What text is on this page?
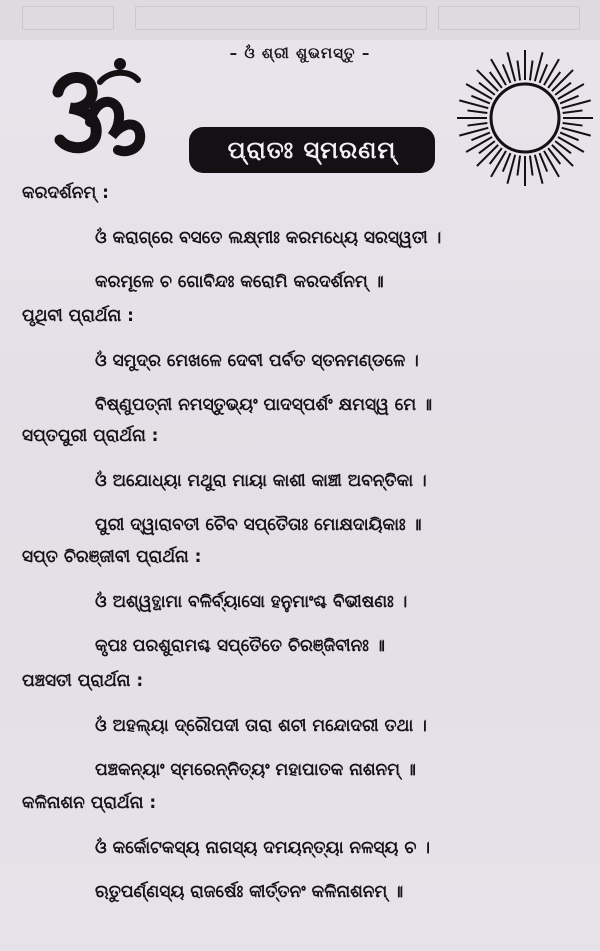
– ଓଁ ଶ୍ରୀ ଶୁଭମସ୍ତୁ –
ପ୍ରାତଃ ସ୍ମରଣମ୍
କରଦର୍ଶନମ୍ :
ଓଁ କରାଗ୍ରେ ବସତେ ଲକ୍ଷ୍ମୀଃ କରମଧ୍ୟେ ସରସ୍ୱତୀ ।
କରମୂଳେ ଚ ଗୋବିନ୍ଦଃ କରୋମି କରଦର୍ଶନମ୍ ॥
ପୃଥିବୀ ପ୍ରାର୍ଥନା :
ଓଁ ସମୁଦ୍ର ମେଖଳେ ଦେବୀ ପର୍ବତ ସ୍ତନମଣ୍ଡଳେ ।
ବିଷ୍ଣୁପତ୍ନୀ ନମସ୍ତୁଭ୍ୟଂ ପାଦସ୍ପର୍ଶଂ କ୍ଷମସ୍ୱ ମେ ॥
ସପ୍ତପୁରୀ ପ୍ରାର୍ଥନା :
ଓଁ ଅଯୋଧ୍ୟା ମଥୁରା ମାୟା କାଶୀ କାଞ୍ଚୀ ଅବନ୍ତିକା ।
ପୁରୀ ଦ୍ୱାରାବତୀ ଚୈବ ସପ୍ତୈତାଃ ମୋକ୍ଷଦାୟିକାଃ ॥
ସପ୍ତ ଚିରଞ୍ଜୀବୀ ପ୍ରାର୍ଥନା :
ଓଁ ଅଶ୍ୱତ୍ଥାମା ବଳିର୍ବ୍ୟାସୋ ହନୁମାଂଶ୍ଚ ବିଭୀଷଣଃ ।
କୃପଃ ପରଶୁରାମଶ୍ଚ ସପ୍ତୈତେ ଚିରଞ୍ଜିବୀନଃ ॥
ପଞ୍ଚସତୀ ପ୍ରାର୍ଥନା :
ଓଁ ଅହଲ୍ୟା ଦ୍ରୌପଦୀ ତାରା ଶଚୀ ମନ୍ଦୋଦରୀ ତଥା ।
ପଞ୍ଚକନ୍ୟାଂ ସ୍ମରେନ୍ନିତ୍ୟଂ ମହାପାତକ ନାଶନମ୍ ॥
କଳିନାଶନ ପ୍ରାର୍ଥନା :
ଓଁ କର୍କୋଟକସ୍ୟ ନାଗସ୍ୟ ଦମୟନ୍ତ୍ୟା ନଳସ୍ୟ ଚ ।
ଋତୁପର୍ଣ୍ଣସ୍ୟ ରାଜର୍ଷେଃ କୀର୍ତ୍ତନଂ କଳିନାଶନମ୍ ॥
